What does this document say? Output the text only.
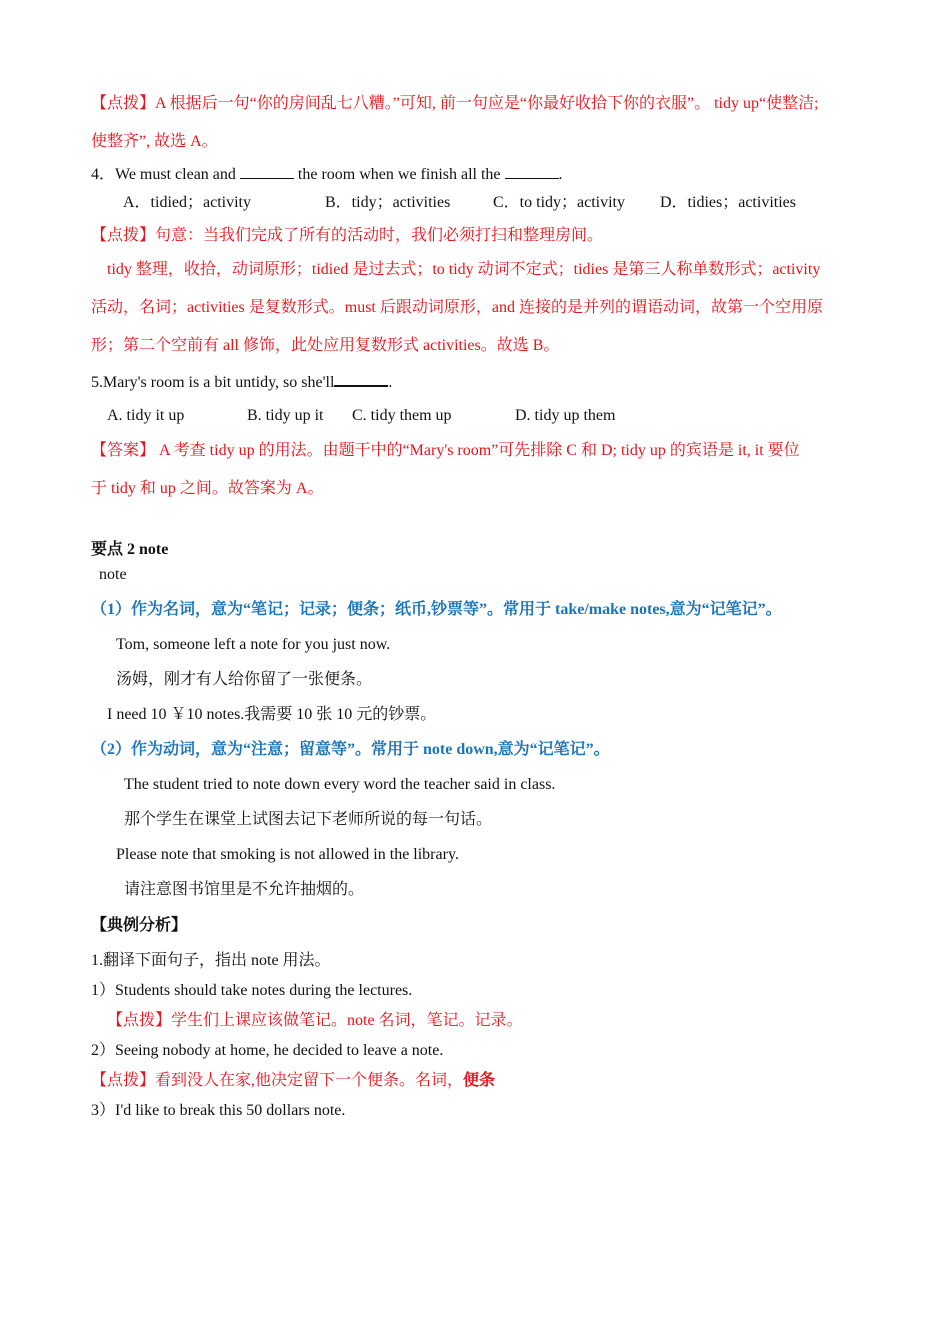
【点拨】A 根据后一句“你的房间乱七八糟。”可知, 前一句应是“你最好收拾下你的衣服”。 tidy up“使整洁;
使整齐”, 故选 A。
4．We must clean and	the room when we finish all the	.
A．tidied；activity	B．tidy；activities	C．to tidy；activity D．tidies；activities
【点拨】句意：当我们完成了所有的活动时，我们必须打扫和整理房间。
tidy 整理，收拾，动词原形；tidied 是过去式；to tidy 动词不定式；tidies 是第三人称单数形式；activity
活动，名词；activities 是复数形式。must 后跟动词原形，and 连接的是并列的谓语动词，故第一个空用原
形；第二个空前有 all 修饰，此处应用复数形式 activities。故选 B。
5.Mary's room is a bit untidy, so she'll	.
A. tidy it up	B. tidy up it C. tidy them up	D. tidy up them
【答案】 A 考查 tidy up 的用法。由题干中的“Mary's room”可先排除 C 和 D; tidy up 的宾语是 it, it 要位
于 tidy 和 up 之间。故答案为 A。
要点 2 note
note
（1）作为名词，意为“笔记；记录；便条；纸币,钞票等”。常用于 take/make notes,意为“记笔记”。
Tom, someone left a note for you just now.
汤姆，刚才有人给你留了一张便条。
I need 10 ￥10 notes.我需要 10 张 10 元的钞票。
（2）作为动词，意为“注意；留意等”。常用于 note down,意为“记笔记”。
The student tried to note down every word the teacher said in class.
那个学生在课堂上试图去记下老师所说的每一句话。
Please note that smoking is not allowed in the library.
请注意图书馆里是不允许抽烟的。
【典例分析】
1.翻译下面句子，指出 note 用法。
1）Students should take notes during the lectures.
【点拨】学生们上课应该做笔记。note 名词，笔记。记录。
2）Seeing nobody at home, he decided to leave a note.
【点拨】看到没人在家,他决定留下一个便条。名词，便条
3）I'd like to break this 50 dollars note.
